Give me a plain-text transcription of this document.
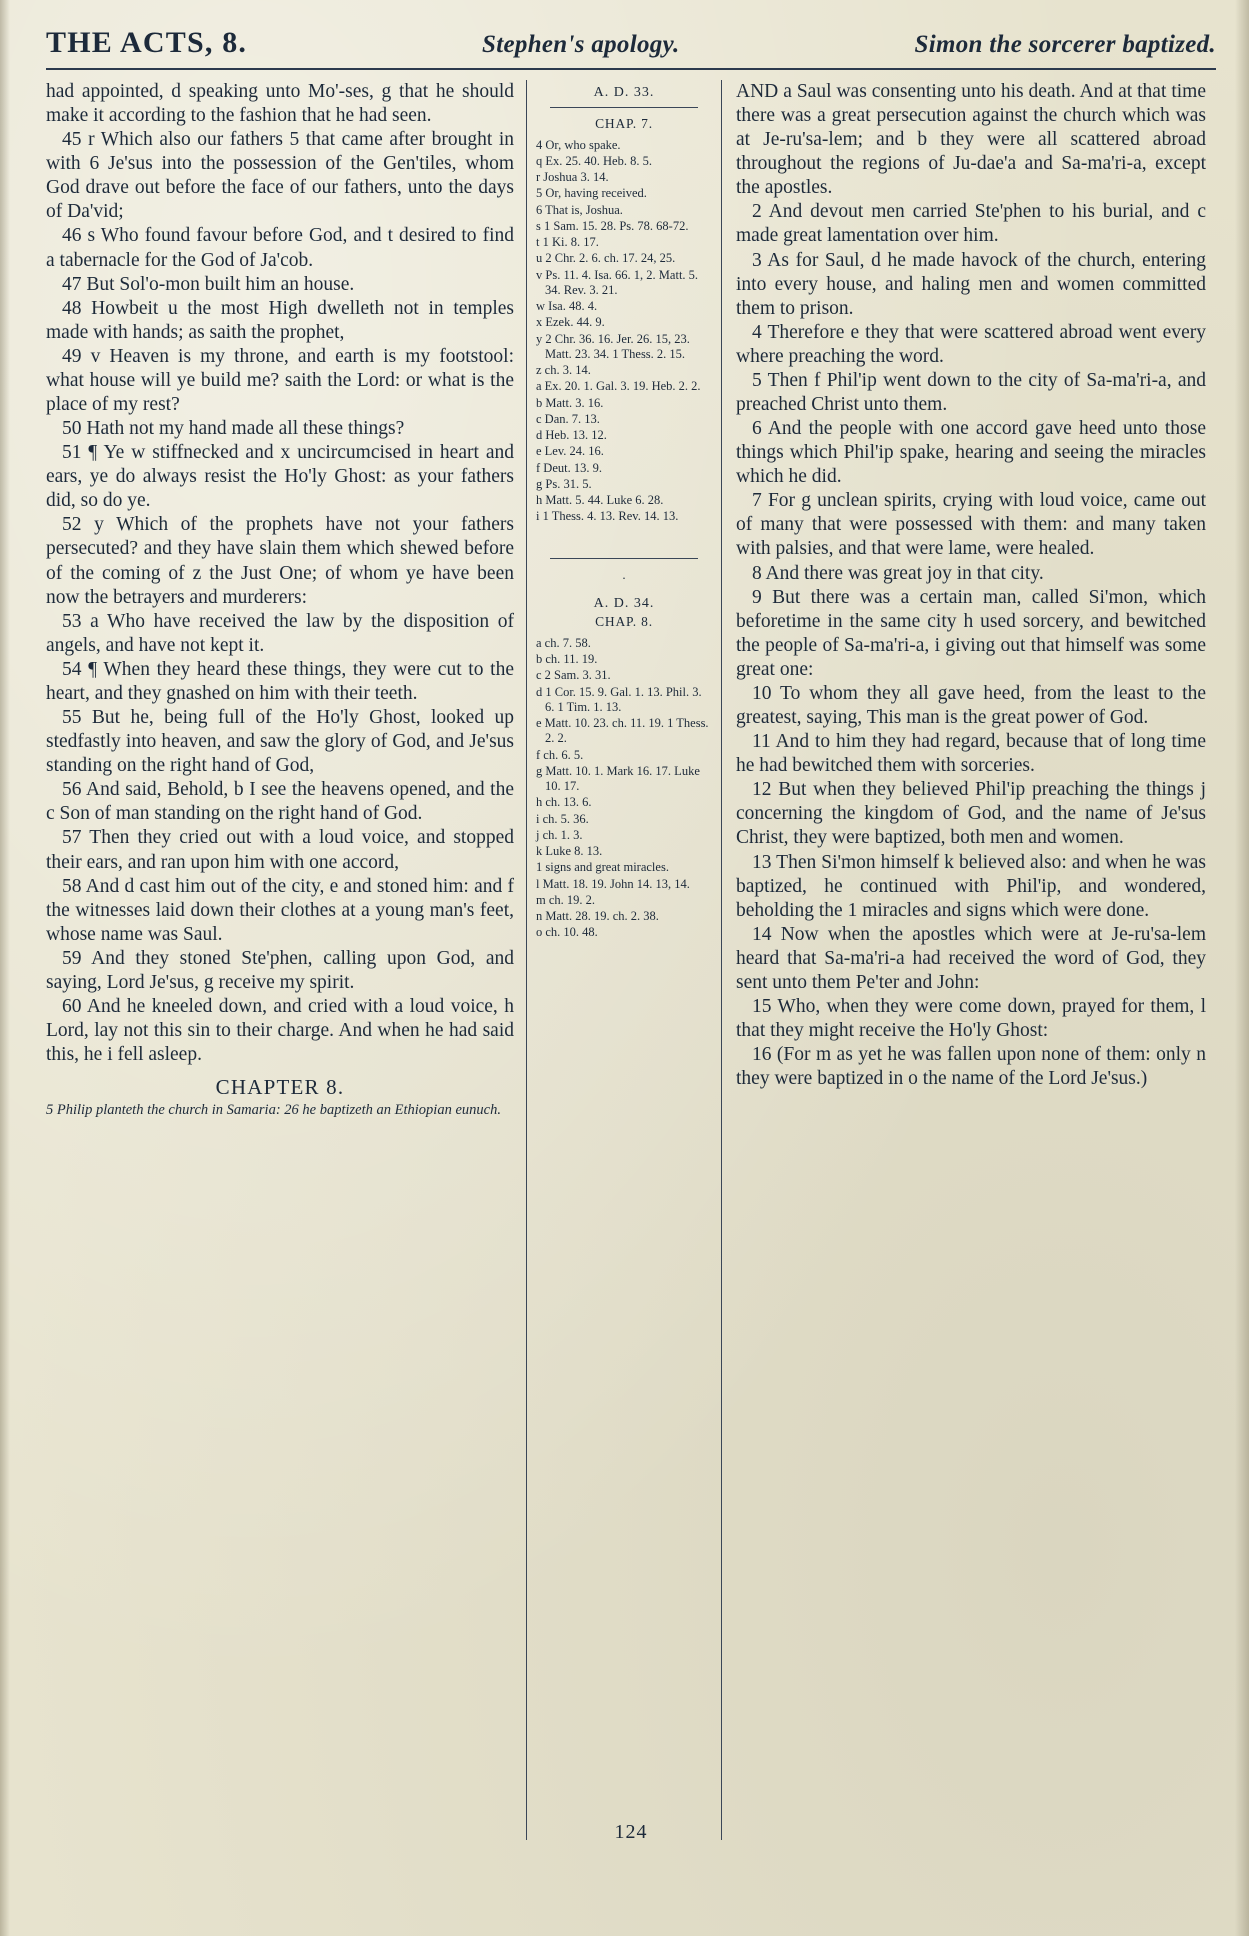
THE ACTS, 8.	Stephen's apology.	Simon the sorcerer baptized.

had appointed, d speaking unto Mo'-ses, g that he should make it according to the fashion that he had seen.

45 r Which also our fathers 5 that came after brought in with 6 Je'sus into the possession of the Gen'tiles, whom God drave out before the face of our fathers, unto the days of Da'vid;

46 s Who found favour before God, and t desired to find a tabernacle for the God of Ja'cob.

47 But Sol'o-mon built him an house.

48 Howbeit u the most High dwelleth not in temples made with hands; as saith the prophet,

49 v Heaven is my throne, and earth is my footstool: what house will ye build me? saith the Lord: or what is the place of my rest?

50 Hath not my hand made all these things?

51 ¶ Ye w stiffnecked and x uncircumcised in heart and ears, ye do always resist the Ho'ly Ghost: as your fathers did, so do ye.

52 y Which of the prophets have not your fathers persecuted? and they have slain them which shewed before of the coming of z the Just One; of whom ye have been now the betrayers and murderers:

53 a Who have received the law by the disposition of angels, and have not kept it.

54 ¶ When they heard these things, they were cut to the heart, and they gnashed on him with their teeth.

55 But he, being full of the Ho'ly Ghost, looked up stedfastly into heaven, and saw the glory of God, and Je'sus standing on the right hand of God,

56 And said, Behold, b I see the heavens opened, and the c Son of man standing on the right hand of God.

57 Then they cried out with a loud voice, and stopped their ears, and ran upon him with one accord,

58 And d cast him out of the city, e and stoned him: and f the witnesses laid down their clothes at a young man's feet, whose name was Saul.

59 And they stoned Ste'phen, calling upon God, and saying, Lord Je'sus, g receive my spirit.

60 And he kneeled down, and cried with a loud voice, h Lord, lay not this sin to their charge. And when he had said this, he i fell asleep.

CHAPTER 8.
5 Philip planteth the church in Samaria: 26 he baptizeth an Ethiopian eunuch.
A. D. 33.
CHAP. 7.

4 Or, who spake.

q Ex. 25. 40. Heb. 8. 5.

r Joshua 3. 14.

5 Or, having received.

6 That is, Joshua.

s 1 Sam. 15. 28. Ps. 78. 68-72.

t 1 Ki. 8. 17.

u 2 Chr. 2. 6. ch. 17. 24, 25.

v Ps. 11. 4. Isa. 66. 1, 2. Matt. 5. 34. Rev. 3. 21.

w Isa. 48. 4.

x Ezek. 44. 9.

y 2 Chr. 36. 16. Jer. 26. 15, 23. Matt. 23. 34. 1 Thess. 2. 15.

z ch. 3. 14.

a Ex. 20. 1. Gal. 3. 19. Heb. 2. 2.

b Matt. 3. 16.

c Dan. 7. 13.

d Heb. 13. 12.

e Lev. 24. 16.

f Deut. 13. 9.

g Ps. 31. 5.

h Matt. 5. 44. Luke 6. 28.

i 1 Thess. 4. 13. Rev. 14. 13.

.
A. D. 34.
CHAP. 8.

a ch. 7. 58.

b ch. 11. 19.

c 2 Sam. 3. 31.

d 1 Cor. 15. 9. Gal. 1. 13. Phil. 3. 6. 1 Tim. 1. 13.

e Matt. 10. 23. ch. 11. 19. 1 Thess. 2. 2.

f ch. 6. 5.

g Matt. 10. 1. Mark 16. 17. Luke 10. 17.

h ch. 13. 6.

i ch. 5. 36.

j ch. 1. 3.

k Luke 8. 13.

1 signs and great miracles.

l Matt. 18. 19. John 14. 13, 14.

m ch. 19. 2.

n Matt. 28. 19. ch. 2. 38.

o ch. 10. 48.

AND a Saul was consenting unto his death. And at that time there was a great persecution against the church which was at Je-ru'sa-lem; and b they were all scattered abroad throughout the regions of Ju-dae'a and Sa-ma'ri-a, except the apostles.

2 And devout men carried Ste'phen to his burial, and c made great lamentation over him.

3 As for Saul, d he made havock of the church, entering into every house, and haling men and women committed them to prison.

4 Therefore e they that were scattered abroad went every where preaching the word.

5 Then f Phil'ip went down to the city of Sa-ma'ri-a, and preached Christ unto them.

6 And the people with one accord gave heed unto those things which Phil'ip spake, hearing and seeing the miracles which he did.

7 For g unclean spirits, crying with loud voice, came out of many that were possessed with them: and many taken with palsies, and that were lame, were healed.

8 And there was great joy in that city.

9 But there was a certain man, called Si'mon, which beforetime in the same city h used sorcery, and bewitched the people of Sa-ma'ri-a, i giving out that himself was some great one:

10 To whom they all gave heed, from the least to the greatest, saying, This man is the great power of God.

11 And to him they had regard, because that of long time he had bewitched them with sorceries.

12 But when they believed Phil'ip preaching the things j concerning the kingdom of God, and the name of Je'sus Christ, they were baptized, both men and women.

13 Then Si'mon himself k believed also: and when he was baptized, he continued with Phil'ip, and wondered, beholding the 1 miracles and signs which were done.

14 Now when the apostles which were at Je-ru'sa-lem heard that Sa-ma'ri-a had received the word of God, they sent unto them Pe'ter and John:

15 Who, when they were come down, prayed for them, l that they might receive the Ho'ly Ghost:

16 (For m as yet he was fallen upon none of them: only n they were baptized in o the name of the Lord Je'sus.)

124
